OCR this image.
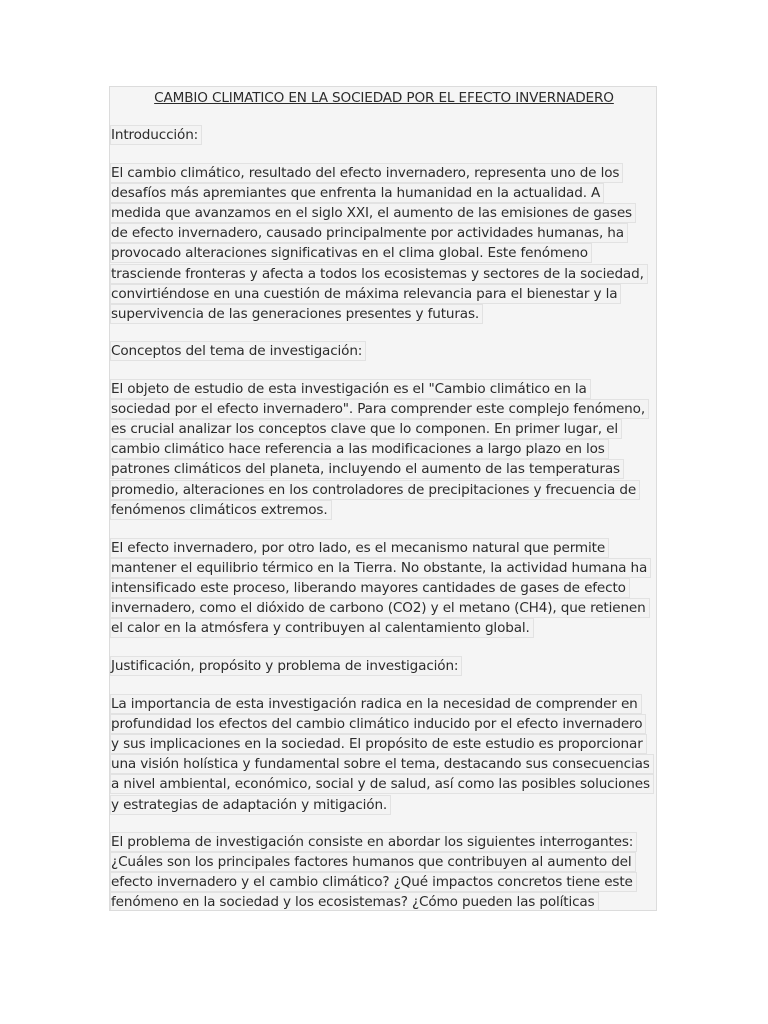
CAMBIO CLIMATICO EN LA SOCIEDAD POR EL EFECTO INVERNADERO
Introducción:
El cambio climático, resultado del efecto invernadero, representa uno de los
desafíos más apremiantes que enfrenta la humanidad en la actualidad. A
medida que avanzamos en el siglo XXI, el aumento de las emisiones de gases
de efecto invernadero, causado principalmente por actividades humanas, ha
provocado alteraciones significativas en el clima global. Este fenómeno
trasciende fronteras y afecta a todos los ecosistemas y sectores de la sociedad,
convirtiéndose en una cuestión de máxima relevancia para el bienestar y la
supervivencia de las generaciones presentes y futuras.
Conceptos del tema de investigación:
El objeto de estudio de esta investigación es el "Cambio climático en la
sociedad por el efecto invernadero". Para comprender este complejo fenómeno,
es crucial analizar los conceptos clave que lo componen. En primer lugar, el
cambio climático hace referencia a las modificaciones a largo plazo en los
patrones climáticos del planeta, incluyendo el aumento de las temperaturas
promedio, alteraciones en los controladores de precipitaciones y frecuencia de
fenómenos climáticos extremos.
El efecto invernadero, por otro lado, es el mecanismo natural que permite
mantener el equilibrio térmico en la Tierra. No obstante, la actividad humana ha
intensificado este proceso, liberando mayores cantidades de gases de efecto
invernadero, como el dióxido de carbono (CO2) y el metano (CH4), que retienen
el calor en la atmósfera y contribuyen al calentamiento global.
Justificación, propósito y problema de investigación:
La importancia de esta investigación radica en la necesidad de comprender en
profundidad los efectos del cambio climático inducido por el efecto invernadero
y sus implicaciones en la sociedad. El propósito de este estudio es proporcionar
una visión holística y fundamental sobre el tema, destacando sus consecuencias
a nivel ambiental, económico, social y de salud, así como las posibles soluciones
y estrategias de adaptación y mitigación.
El problema de investigación consiste en abordar los siguientes interrogantes:
¿Cuáles son los principales factores humanos que contribuyen al aumento del
efecto invernadero y el cambio climático? ¿Qué impactos concretos tiene este
fenómeno en la sociedad y los ecosistemas? ¿Cómo pueden las políticas
